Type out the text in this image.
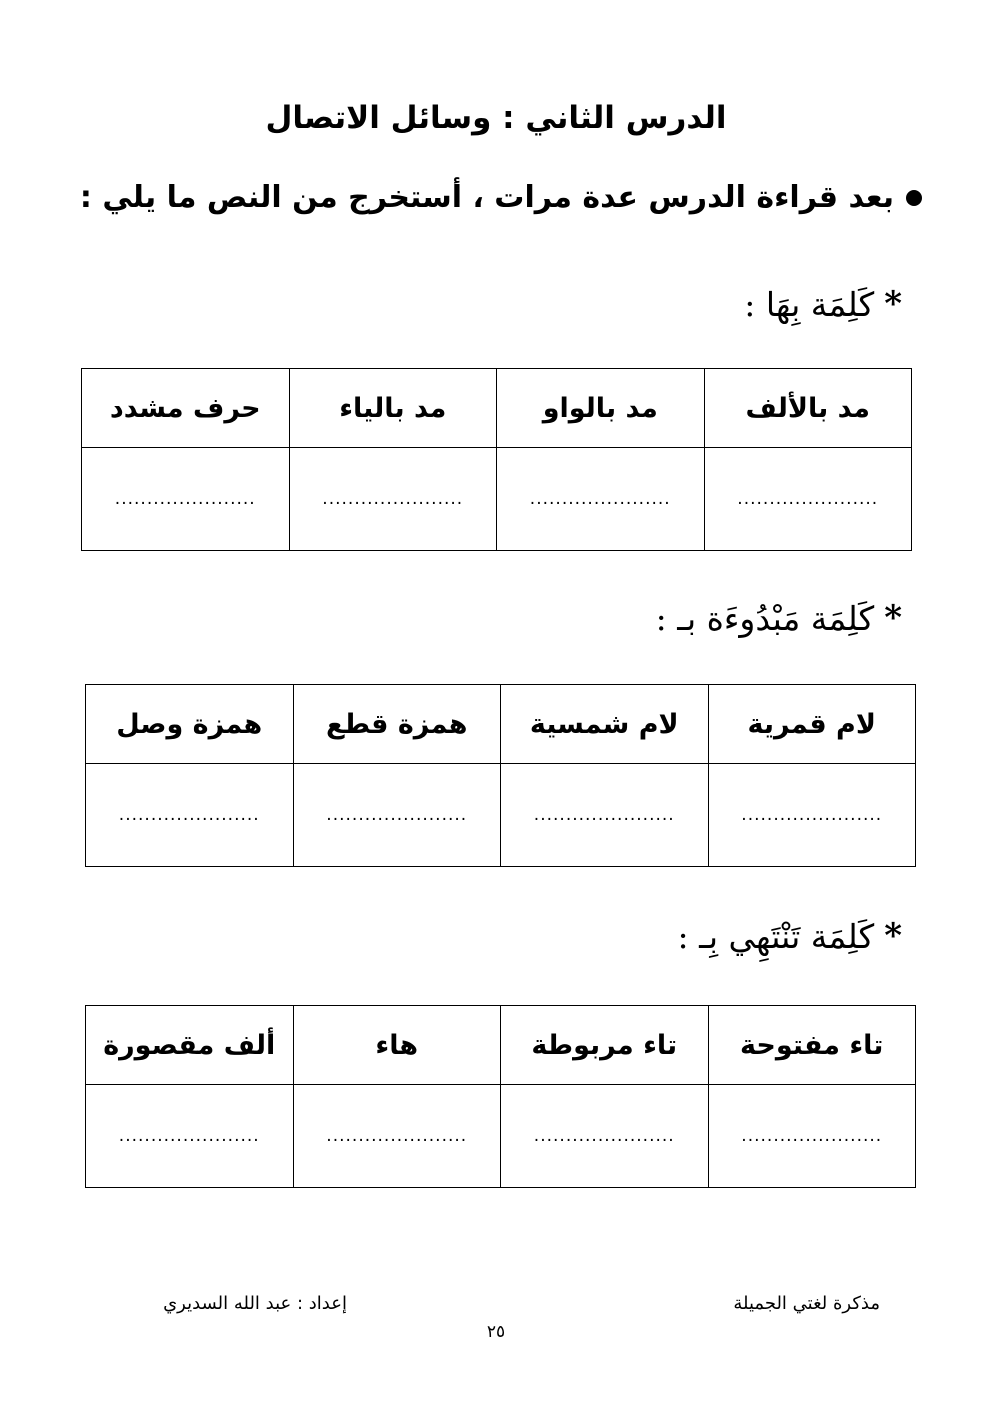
الدرس الثاني : وسائل الاتصال
بعد قراءة الدرس عدة مرات ، أستخرج من النص ما يلي :
*
كَلِمَة بِهَا :
مد بالألف	مد بالواو	مد بالياء	حرف مشدد
......................	......................	......................	......................
*
كَلِمَة مَبْدُوءَة بـ :
لام قمرية	لام شمسية	همزة قطع	همزة وصل
......................	......................	......................	......................
*
كَلِمَة تَنْتَهِي بِـ :
تاء مفتوحة	تاء مربوطة	هاء	ألف مقصورة
......................	......................	......................	......................
مذكرة لغتي الجميلة
إعداد : عبد الله السديري
٢٥
